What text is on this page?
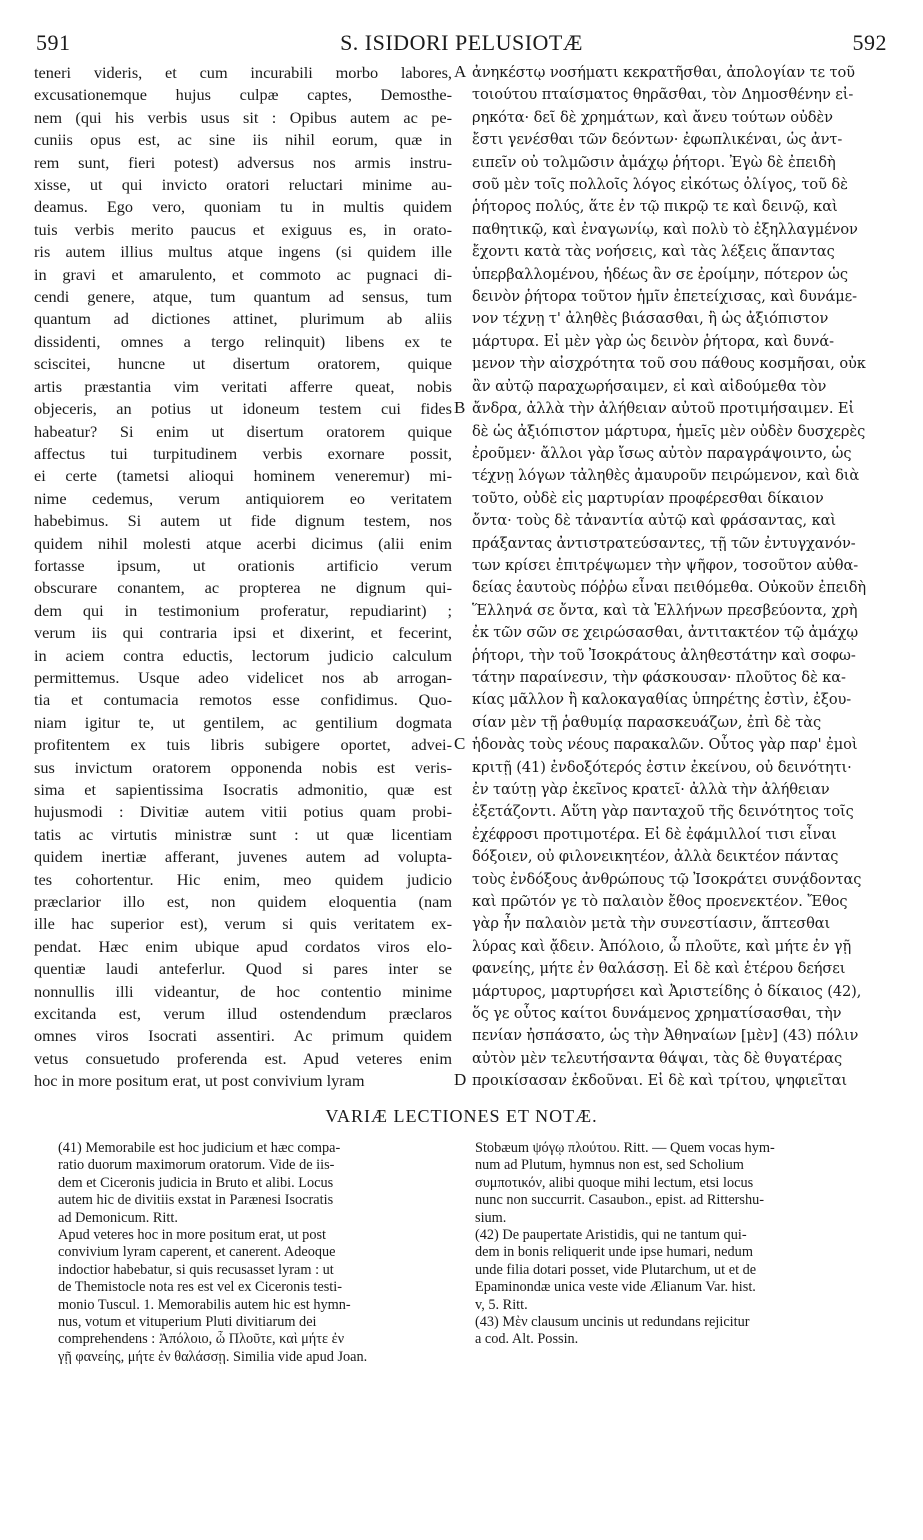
591	S. ISIDORI PELUSIOTÆ	592
teneri videris, et cum incurabili morbo labores,
excusationemque hujus culpæ captes, Demosthe-
nem (qui his verbis usus sit : Opibus autem ac pe-
cuniis opus est, ac sine iis nihil eorum, quæ in
rem sunt, fieri potest) adversus nos armis instru-
xisse, ut qui invicto oratori reluctari minime au-
deamus. Ego vero, quoniam tu in multis quidem
tuis verbis merito paucus et exiguus es, in orato-
ris autem illius multus atque ingens (si quidem ille
in gravi et amarulento, et commoto ac pugnaci di-
cendi genere, atque, tum quantum ad sensus, tum
quantum ad dictiones attinet, plurimum ab aliis
dissidenti, omnes a tergo relinquit) libens ex te
sciscitei, huncne ut disertum oratorem, quique
artis præstantia vim veritati afferre queat, nobis
objeceris, an potius ut idoneum testem cui fides
habeatur? Si enim ut disertum oratorem quique
affectus tui turpitudinem verbis exornare possit,
ei certe (tametsi alioqui hominem veneremur) mi-
nime cedemus, verum antiquiorem eo veritatem
habebimus. Si autem ut fide dignum testem, nos
quidem nihil molesti atque acerbi dicimus (alii enim
fortasse ipsum, ut orationis artificio verum
obscurare conantem, ac propterea ne dignum qui-
dem qui in testimonium proferatur, repudiarint) ;
verum iis qui contraria ipsi et dixerint, et fecerint,
in aciem contra eductis, lectorum judicio calculum
permittemus. Usque adeo videlicet nos ab arrogan-
tia et contumacia remotos esse confidimus. Quo-
niam igitur te, ut gentilem, ac gentilium dogmata
profitentem ex tuis libris subigere oportet, advei-
sus invictum oratorem opponenda nobis est veris-
sima et sapientissima Isocratis admonitio, quæ est
hujusmodi : Divitiæ autem vitii potius quam probi-
tatis ac virtutis ministræ sunt : ut quæ licentiam
quidem inertiæ afferant, juvenes autem ad volupta-
tes cohortentur. Hic enim, meo quidem judicio
præclarior illo est, non quidem eloquentia (nam
ille hac superior est), verum si quis veritatem ex-
pendat. Hæc enim ubique apud cordatos viros elo-
quentiæ laudi anteferlur. Quod si pares inter se
nonnullis illi videantur, de hoc contentio minime
excitanda est, verum illud ostendendum præclaros
omnes viros Isocrati assentiri. Ac primum quidem
vetus consuetudo proferenda est. Apud veteres enim
hoc in more positum erat, ut post convivium lyram
A
B
C
D
ἀνηκέστῳ νοσήματι κεκρατῆσθαι, ἀπολογίαν τε τοῦ
τοιούτου πταίσματος θηρᾶσθαι, τὸν Δημοσθένην εἰ-
ρηκότα· δεῖ δὲ χρημάτων, καὶ ἄνευ τούτων οὐδὲν
ἔστι γενέσθαι τῶν δεόντων· ἐφωπλικέναι, ὡς ἀντ-
ειπεῖν οὐ τολμῶσιν ἀμάχῳ ῥήτορι. Ἐγὼ δὲ ἐπειδὴ
σοῦ μὲν τοῖς πολλοῖς λόγος εἰκότως ὀλίγος, τοῦ δὲ
ῥήτορος πολύς, ἅτε ἐν τῷ πικρῷ τε καὶ δεινῷ, καὶ
παθητικῷ, καὶ ἐναγωνίῳ, καὶ πολὺ τὸ ἐξηλλαγμένον
ἔχοντι κατὰ τὰς νοήσεις, καὶ τὰς λέξεις ἅπαντας
ὑπερβαλλομένου, ἡδέως ἂν σε ἐροίμην, πότερον ὡς
δεινὸν ῥήτορα τοῦτον ἡμῖν ἐπετείχισας, καὶ δυνάμε-
νον τέχνῃ τ' ἀληθὲς βιάσασθαι, ἢ ὡς ἀξιόπιστον
μάρτυρα. Εἰ μὲν γὰρ ὡς δεινὸν ῥήτορα, καὶ δυνά-
μενον τὴν αἰσχρότητα τοῦ σου πάθους κοσμῆσαι, οὐκ
ἂν αὐτῷ παραχωρήσαιμεν, εἰ καὶ αἰδούμεθα τὸν
ἄνδρα, ἀλλὰ τὴν ἀλήθειαν αὐτοῦ προτιμήσαιμεν. Εἰ
δὲ ὡς ἀξιόπιστον μάρτυρα, ἡμεῖς μὲν οὐδὲν δυσχερὲς
ἐροῦμεν· ἄλλοι γὰρ ἴσως αὐτὸν παραγράψοιντο, ὡς
τέχνῃ λόγων τἀληθὲς ἀμαυροῦν πειρώμενον, καὶ διὰ
τοῦτο, οὐδὲ εἰς μαρτυρίαν προφέρεσθαι δίκαιον
ὄντα· τοὺς δὲ τἀναντία αὐτῷ καὶ φράσαντας, καὶ
πράξαντας ἀντιστρατεύσαντες, τῇ τῶν ἐντυγχανόν-
των κρίσει ἐπιτρέψωμεν τὴν ψῆφον, τοσοῦτον αὐθα-
δείας ἑαυτοὺς πόῤῥω εἶναι πειθόμεθα. Οὐκοῦν ἐπειδὴ
Ἕλληνά σε ὄντα, καὶ τὰ Ἑλλήνων πρεσβεύοντα, χρὴ
ἐκ τῶν σῶν σε χειρώσασθαι, ἀντιτακτέον τῷ ἀμάχῳ
ῥήτορι, τὴν τοῦ Ἰσοκράτους ἀληθεστάτην καὶ σοφω-
τάτην παραίνεσιν, τὴν φάσκουσαν· πλοῦτος δὲ κα-
κίας μᾶλλον ἢ καλοκαγαθίας ὑπηρέτης ἐστὶν, ἐξου-
σίαν μὲν τῇ ῥαθυμίᾳ παρασκευάζων, ἐπὶ δὲ τὰς
ἡδονὰς τοὺς νέους παρακαλῶν. Οὗτος γὰρ παρ' ἐμοὶ
κριτῇ (41) ἐνδοξότερός ἐστιν ἐκείνου, οὐ δεινότητι·
ἐν ταύτῃ γὰρ ἐκεῖνος κρατεῖ· ἀλλὰ τὴν ἀλήθειαν
ἐξετάζοντι. Αὕτη γὰρ πανταχοῦ τῆς δεινότητος τοῖς
ἐχέφροσι προτιμοτέρα. Εἰ δὲ ἐφάμιλλοί τισι εἶναι
δόξοιεν, οὐ φιλονεικητέον, ἀλλὰ δεικτέον πάντας
τοὺς ἐνδόξους ἀνθρώπους τῷ Ἰσοκράτει συνᾴδοντας
καὶ πρῶτόν γε τὸ παλαιὸν ἔθος προενεκτέον. Ἔθος
γὰρ ἦν παλαιὸν μετὰ τὴν συνεστίασιν, ἅπτεσθαι
λύρας καὶ ᾄδειν. Ἀπόλοιο, ὦ πλοῦτε, καὶ μήτε ἐν γῇ
φανείης, μήτε ἐν θαλάσσῃ. Εἰ δὲ καὶ ἑτέρου δεήσει
μάρτυρος, μαρτυρήσει καὶ Ἀριστείδης ὁ δίκαιος (42),
ὅς γε οὗτος καίτοι δυνάμενος χρηματίσασθαι, τὴν
πενίαν ἠσπάσατο, ὡς τὴν Ἀθηναίων [μὲν] (43) πόλιν
αὐτὸν μὲν τελευτήσαντα θάψαι, τὰς δὲ θυγατέρας
προικίσασαν ἐκδοῦναι. Εἰ δὲ καὶ τρίτου, ψηφιεῖται
VARIÆ LECTIONES ET NOTÆ.
(41) Memorabile est hoc judicium et hæc compa-
ratio duorum maximorum oratorum. Vide de iis-
dem et Ciceronis judicia in Bruto et alibi. Locus
autem hic de divitiis exstat in Parænesi Isocratis
ad Demonicum. Ritt.
Apud veteres hoc in more positum erat, ut post
convivium lyram caperent, et canerent. Adeoque
indoctior habebatur, si quis recusasset lyram : ut
de Themistocle nota res est vel ex Ciceronis testi-
monio Tuscul. 1. Memorabilis autem hic est hymn-
nus, votum et vituperium Pluti divitiarum dei
comprehendens : Ἀπόλοιο, ὦ Πλοῦτε, καὶ μήτε ἐν
γῇ φανείης, μήτε ἐν θαλάσσῃ. Similia vide apud Joan.
Stobæum ψόγῳ πλούτου. Ritt. — Quem vocas hym-
num ad Plutum, hymnus non est, sed Scholium
συμποτικόν, alibi quoque mihi lectum, etsi locus
nunc non succurrit. Casaubon., epist. ad Rittershu-
sium.
(42) De paupertate Aristidis, qui ne tantum qui-
dem in bonis reliquerit unde ipse humari, nedum
unde filia dotari posset, vide Plutarchum, ut et de
Epaminondæ unica veste vide Ælianum Var. hist.
v, 5. Ritt.
(43) Μὲν clausum uncinis ut redundans rejicitur
a cod. Alt. Possin.
